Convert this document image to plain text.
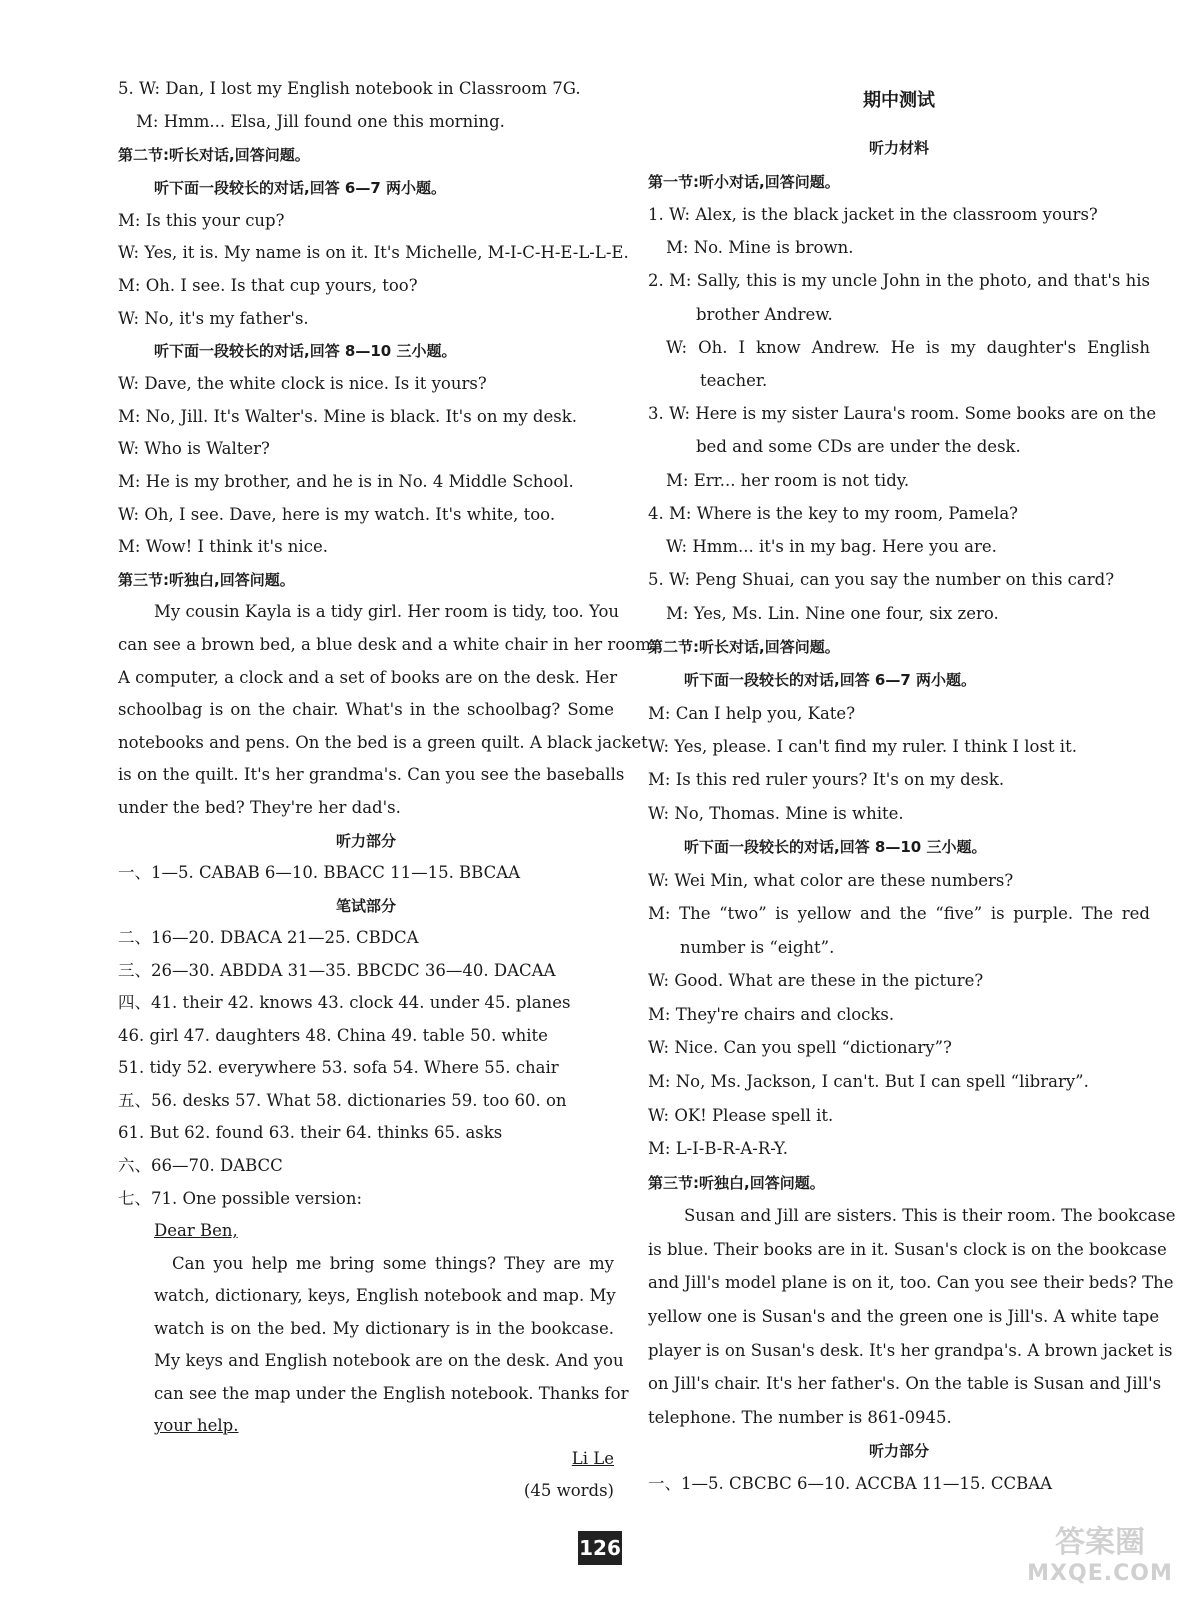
5. W: Dan, I lost my English notebook in Classroom 7G.
M: Hmm... Elsa, Jill found one this morning.
第二节:听长对话,回答问题。
听下面一段较长的对话,回答 6—7 两小题。
M: Is this your cup?
W: Yes, it is. My name is on it. It's Michelle, M-I-C-H-E-L-L-E.
M: Oh. I see. Is that cup yours, too?
W: No, it's my father's.
听下面一段较长的对话,回答 8—10 三小题。
W: Dave, the white clock is nice. Is it yours?
M: No, Jill. It's Walter's. Mine is black. It's on my desk.
W: Who is Walter?
M: He is my brother, and he is in No. 4 Middle School.
W: Oh, I see. Dave, here is my watch. It's white, too.
M: Wow! I think it's nice.
第三节:听独白,回答问题。
My cousin Kayla is a tidy girl. Her room is tidy, too. You
can see a brown bed, a blue desk and a white chair in her room.
A computer, a clock and a set of books are on the desk. Her
schoolbag is on the chair. What's in the schoolbag? Some
notebooks and pens. On the bed is a green quilt. A black jacket
is on the quilt. It's her grandma's. Can you see the baseballs
under the bed? They're her dad's.
听力部分
一、1—5. CABAB 6—10. BBACC 11—15. BBCAA
笔试部分
二、16—20. DBACA 21—25. CBDCA
三、26—30. ABDDA 31—35. BBCDC 36—40. DACAA
四、41. their 42. knows 43. clock 44. under 45. planes
46. girl 47. daughters 48. China 49. table 50. white
51. tidy 52. everywhere 53. sofa 54. Where 55. chair
五、56. desks 57. What 58. dictionaries 59. too 60. on
61. But 62. found 63. their 64. thinks 65. asks
六、66—70. DABCC
七、71. One possible version:
Dear Ben,
Can you help me bring some things? They are my
watch, dictionary, keys, English notebook and map. My
watch is on the bed. My dictionary is in the bookcase.
My keys and English notebook are on the desk. And you
can see the map under the English notebook. Thanks for
your help.
Li Le
(45 words)
期中测试
听力材料
第一节:听小对话,回答问题。
1. W: Alex, is the black jacket in the classroom yours?
M: No. Mine is brown.
2. M: Sally, this is my uncle John in the photo, and that's his
brother Andrew.
W: Oh. I know Andrew. He is my daughter's English
teacher.
3. W: Here is my sister Laura's room. Some books are on the
bed and some CDs are under the desk.
M: Err... her room is not tidy.
4. M: Where is the key to my room, Pamela?
W: Hmm... it's in my bag. Here you are.
5. W: Peng Shuai, can you say the number on this card?
M: Yes, Ms. Lin. Nine one four, six zero.
第二节:听长对话,回答问题。
听下面一段较长的对话,回答 6—7 两小题。
M: Can I help you, Kate?
W: Yes, please. I can't find my ruler. I think I lost it.
M: Is this red ruler yours? It's on my desk.
W: No, Thomas. Mine is white.
听下面一段较长的对话,回答 8—10 三小题。
W: Wei Min, what color are these numbers?
M: The “two” is yellow and the “five” is purple. The red
number is “eight”.
W: Good. What are these in the picture?
M: They're chairs and clocks.
W: Nice. Can you spell “dictionary”?
M: No, Ms. Jackson, I can't. But I can spell “library”.
W: OK! Please spell it.
M: L-I-B-R-A-R-Y.
第三节:听独白,回答问题。
Susan and Jill are sisters. This is their room. The bookcase
is blue. Their books are in it. Susan's clock is on the bookcase
and Jill's model plane is on it, too. Can you see their beds? The
yellow one is Susan's and the green one is Jill's. A white tape
player is on Susan's desk. It's her grandpa's. A brown jacket is
on Jill's chair. It's her father's. On the table is Susan and Jill's
telephone. The number is 861-0945.
听力部分
一、1—5. CBCBC 6—10. ACCBA 11—15. CCBAA
126	答案圈
MXQE.COM
